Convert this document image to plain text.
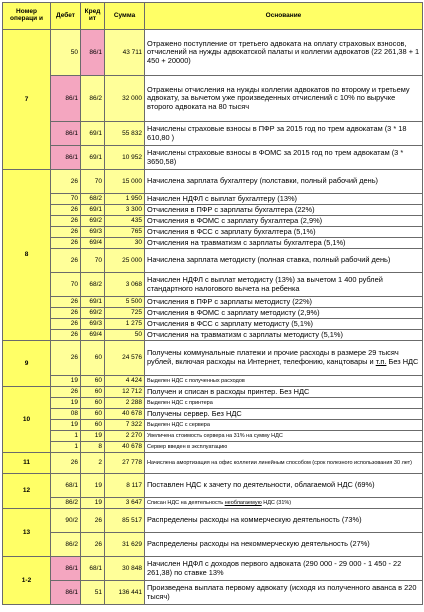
Номер операци и	Дебет	Кред ит	Сумма	Основание
7	50	86/1	43 711	Отражено поступление от третьего адвоката на оплату страховых взносов, отчислений на нужды адвокатской палаты и коллегии адвокатов (22 261,38 + 1 450 + 20000)
	86/1	86/2	32 000	Отражены отчисления на нужды коллегии адвокатов по второму и третьему адвокату, за вычетом уже произведенных отчислений с 10% по выручке второго адвоката на 80 тысяч
	86/1	69/1	55 832	Начислены страховые взносы в ПФР за 2015 год по трем адвокатам (3 * 18 610,80 )
	86/1	69/1	10 952	Начислены страховые взносы в ФОМС за 2015 год по трем адвокатам (3 * 3650,58)
8	26	70	15 000	Начислена зарплата бухгалтеру (полставки, полный рабочий день)
	70	68/2	1 950	Начислен НДФЛ с выплат бухгалтеру (13%)
	26	69/1	3 300	Отчисления в ПФР с зарплаты бухгалтера (22%)
	26	69/2	435	Отчисления в ФОМС с зарплату бухгалтера (2,9%)
	26	69/3	765	Отчисления в ФСС с зарплату бухгалтера (5,1%)
	26	69/4	30	Отчисления на травматизм с зарплаты бухгалтера (5,1%)
	26	70	25 000	Начислена зарплата методисту (полная ставка, полный рабочий день)
	70	68/2	3 068	Начислен НДФЛ с выплат методисту (13%) за вычетом 1 400 рублей стандартного налогового вычета на ребенка
	26	69/1	5 500	Отчисления в ПФР с зарплаты методисту (22%)
	26	69/2	725	Отчисления в ФОМС с зарплату методисту (2,9%)
	26	69/3	1 275	Отчисления в ФСС с зарплату методисту (5,1%)
	26	69/4	50	Отчисления на травматизм с зарплаты методисту (5,1%)
9	26	60	24 576	Получены коммунальные платежи и прочие расходы в размере 29 тысяч рублей, включая расходы на Интернет, телефонию, канцтовары и т.п. Без НДС
	19	60	4 424	Выделен НДС с полученных расходов
10	26	60	12 712	Получен и списан в расходы принтер. Без НДС
	19	60	2 288	Выделен НДС с принтера
	08	60	40 678	Получены сервер. Без НДС
	19	60	7 322	Выделен НДС с сервера
	1	19	2 270	Увеличена стоимость сервера на 31% на сумму НДС
	1	8	40 678	Сервер введен в эксплуатацию
11	26	2	27 778	Начислена амортизация на офис коллегии линейным способом (срок полезного использования 30 лет)
12	68/1	19	8 117	Поставлен НДС к зачету по деятельности, облагаемой НДС (69%)
	86/2	19	3 647	Списан НДС на деятельность необлагаемую НДС (31%)
13	90/2	26	85 517	Распределены расходы на коммерческую деятельность (73%)
	86/2	26	31 629	Распределены расходы на некоммерческую деятельность (27%)
1-2	86/1	68/1	30 848	Начислен НДФЛ с доходов первого адвоката (290 000 - 29 000 - 1 450 - 22 261,38) по ставке 13%
	86/1	51	136 441	Произведена выплата первому адвокату (исходя из полученного аванса в 220 тысяч)
